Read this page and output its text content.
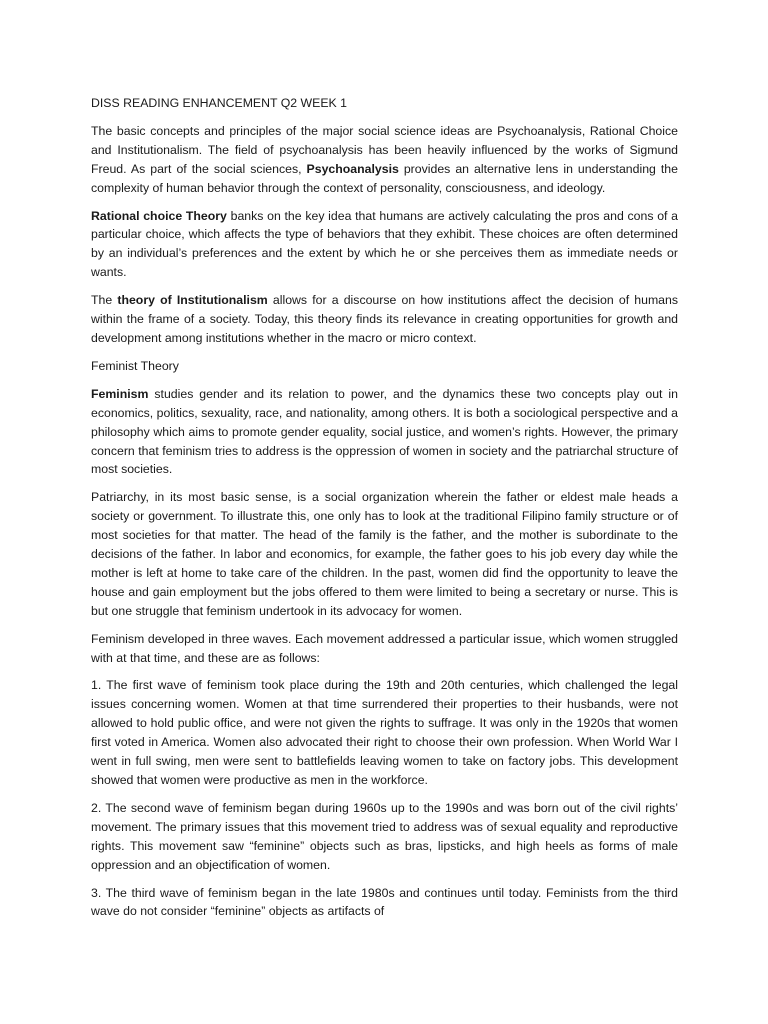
DISS READING ENHANCEMENT Q2 WEEK 1

The basic concepts and principles of the major social science ideas are Psychoanalysis, Rational Choice and Institutionalism. The field of psychoanalysis has been heavily influenced by the works of Sigmund Freud. As part of the social sciences, Psychoanalysis provides an alternative lens in understanding the complexity of human behavior through the context of personality, consciousness, and ideology.

Rational choice Theory banks on the key idea that humans are actively calculating the pros and cons of a particular choice, which affects the type of behaviors that they exhibit. These choices are often determined by an individual’s preferences and the extent by which he or she perceives them as immediate needs or wants.

The theory of Institutionalism allows for a discourse on how institutions affect the decision of humans within the frame of a society. Today, this theory finds its relevance in creating opportunities for growth and development among institutions whether in the macro or micro context.

Feminist Theory

Feminism studies gender and its relation to power, and the dynamics these two concepts play out in economics, politics, sexuality, race, and nationality, among others. It is both a sociological perspective and a philosophy which aims to promote gender equality, social justice, and women’s rights. However, the primary concern that feminism tries to address is the oppression of women in society and the patriarchal structure of most societies.

Patriarchy, in its most basic sense, is a social organization wherein the father or eldest male heads a society or government. To illustrate this, one only has to look at the traditional Filipino family structure or of most societies for that matter. The head of the family is the father, and the mother is subordinate to the decisions of the father. In labor and economics, for example, the father goes to his job every day while the mother is left at home to take care of the children. In the past, women did find the opportunity to leave the house and gain employment but the jobs offered to them were limited to being a secretary or nurse. This is but one struggle that feminism undertook in its advocacy for women.

Feminism developed in three waves. Each movement addressed a particular issue, which women struggled with at that time, and these are as follows:

1. The first wave of feminism took place during the 19th and 20th centuries, which challenged the legal issues concerning women. Women at that time surrendered their properties to their husbands, were not allowed to hold public office, and were not given the rights to suffrage. It was only in the 1920s that women first voted in America. Women also advocated their right to choose their own profession. When World War I went in full swing, men were sent to battlefields leaving women to take on factory jobs. This development showed that women were productive as men in the workforce.

2. The second wave of feminism began during 1960s up to the 1990s and was born out of the civil rights’ movement. The primary issues that this movement tried to address was of sexual equality and reproductive rights. This movement saw “feminine” objects such as bras, lipsticks, and high heels as forms of male oppression and an objectification of women.

3. The third wave of feminism began in the late 1980s and continues until today. Feminists from the third wave do not consider “feminine” objects as artifacts of
